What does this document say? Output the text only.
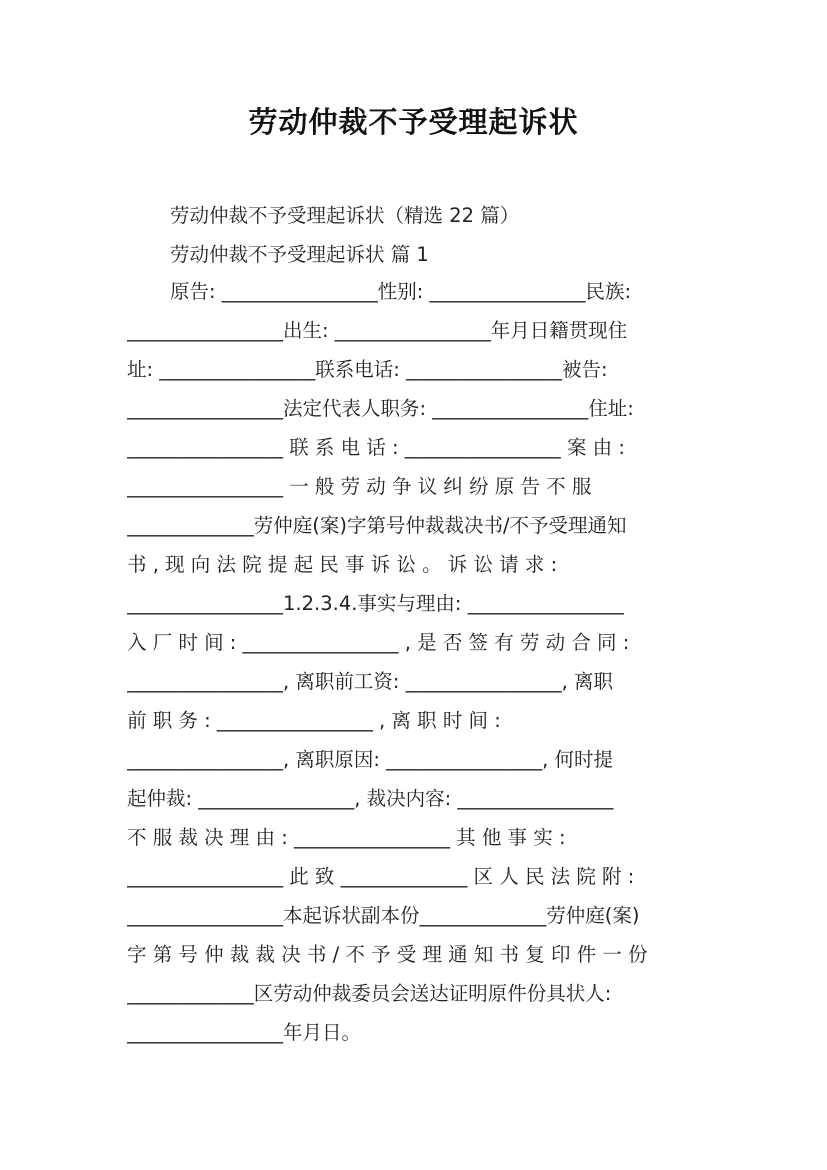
劳动仲裁不予受理起诉状
劳动仲裁不予受理起诉状（精选 22 篇）
劳动仲裁不予受理起诉状 篇 1
原告: ________________性别: ________________民族:
________________出生: ________________年月日籍贯现住
址: ________________联系电话: ________________被告:
________________法定代表人职务: ________________住址:
________________ 联 系 电 话 : ________________ 案 由 :
________________ 一 般 劳 动 争 议 纠 纷 原 告 不 服
_____________劳仲庭(案)字第号仲裁裁决书/不予受理通知
书 , 现 向 法 院 提 起 民 事 诉 讼 。 诉 讼 请 求 :
________________1.2.3.4.事实与理由: ________________
入 厂 时 间 : ________________ , 是 否 签 有 劳 动 合 同 :
________________, 离职前工资: ________________, 离职
前 职 务 : ________________ , 离 职 时 间 :
________________, 离职原因: ________________, 何时提
起仲裁: ________________, 裁决内容: ________________
不 服 裁 决 理 由 : ________________ 其 他 事 实 :
________________ 此 致 _____________ 区 人 民 法 院 附 :
________________本起诉状副本份_____________劳仲庭(案)
字 第 号 仲 裁 裁 决 书 / 不 予 受 理 通 知 书 复 印 件 一 份
_____________区劳动仲裁委员会送达证明原件份具状人:
________________年月日。
